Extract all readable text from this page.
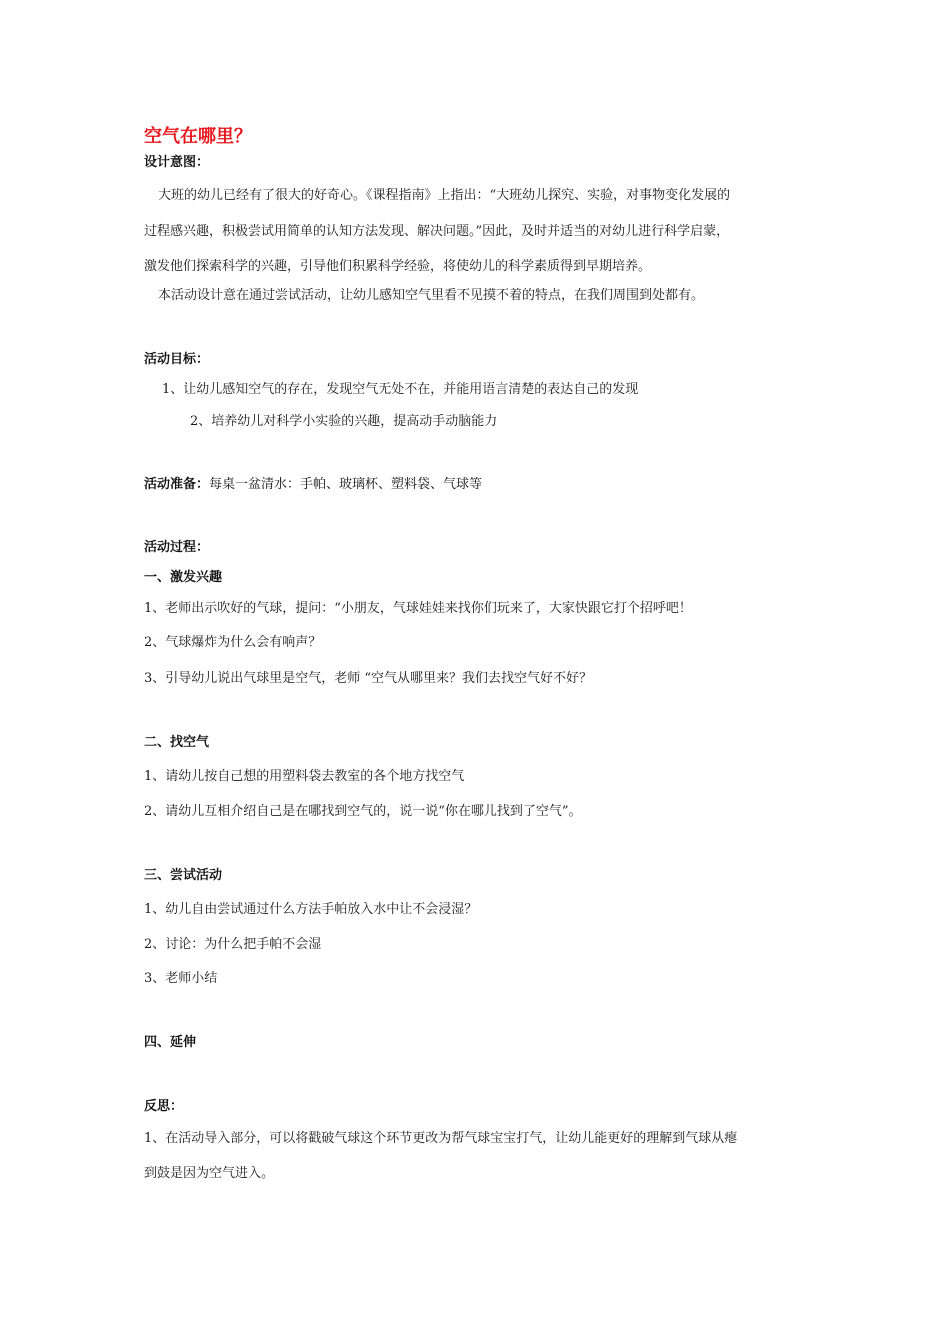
空气在哪里？
设计意图：
大班的幼儿已经有了很大的好奇心。《课程指南》上指出：“大班幼儿探究、实验，对事物变化发展的
过程感兴趣，积极尝试用简单的认知方法发现、解决问题。”因此，及时并适当的对幼儿进行科学启蒙，
激发他们探索科学的兴趣，引导他们积累科学经验，将使幼儿的科学素质得到早期培养。
本活动设计意在通过尝试活动，让幼儿感知空气里看不见摸不着的特点，在我们周围到处都有。
活动目标：
1、让幼儿感知空气的存在，发现空气无处不在，并能用语言清楚的表达自己的发现
2、培养幼儿对科学小实验的兴趣，提高动手动脑能力
活动准备：每桌一盆清水：手帕、玻璃杯、塑料袋、气球等
活动过程：
一、激发兴趣
1、老师出示吹好的气球，提问：“小朋友，气球娃娃来找你们玩来了，大家快跟它打个招呼吧！
2、气球爆炸为什么会有响声？
3、引导幼儿说出气球里是空气，老师 “空气从哪里来？我们去找空气好不好？
二、找空气
1、请幼儿按自己想的用塑料袋去教室的各个地方找空气
2、请幼儿互相介绍自己是在哪找到空气的，说一说“你在哪儿找到了空气”。
三、尝试活动
1、幼儿自由尝试通过什么方法手帕放入水中让不会浸湿？
2、讨论：为什么把手帕不会湿
3、老师小结
四、延伸
反思：
1、在活动导入部分，可以将戳破气球这个环节更改为帮气球宝宝打气，让幼儿能更好的理解到气球从瘪
到鼓是因为空气进入。
